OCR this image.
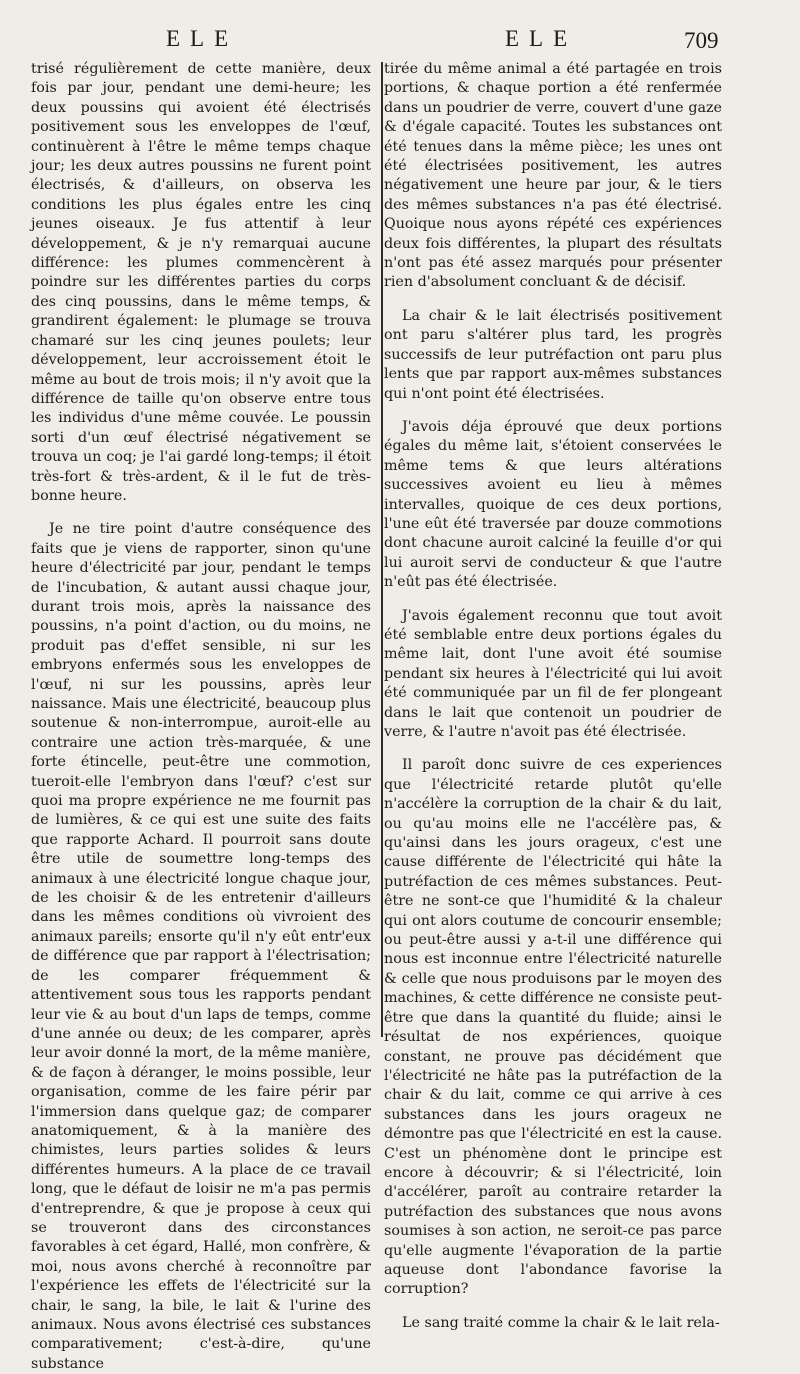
ELE	ELE	709

trisé régulièrement de cette manière, deux fois par jour, pendant une demi-heure; les deux poussins qui avoient été électrisés positivement sous les enveloppes de l'œuf, continuèrent à l'être le même temps chaque jour; les deux autres poussins ne furent point électrisés, & d'ailleurs, on observa les conditions les plus égales entre les cinq jeunes oiseaux. Je fus attentif à leur développement, & je n'y remarquai aucune différence: les plumes commencèrent à poindre sur les différentes parties du corps des cinq poussins, dans le même temps, & grandirent également: le plumage se trouva chamaré sur les cinq jeunes poulets; leur développement, leur accroissement étoit le même au bout de trois mois; il n'y avoit que la différence de taille qu'on observe entre tous les individus d'une même couvée. Le poussin sorti d'un œuf électrisé négativement se trouva un coq; je l'ai gardé long-temps; il étoit très-fort & très-ardent, & il le fut de très-bonne heure.

Je ne tire point d'autre conséquence des faits que je viens de rapporter, sinon qu'une heure d'électricité par jour, pendant le temps de l'incubation, & autant aussi chaque jour, durant trois mois, après la naissance des poussins, n'a point d'action, ou du moins, ne produit pas d'effet sensible, ni sur les embryons enfermés sous les enveloppes de l'œuf, ni sur les poussins, après leur naissance. Mais une électricité, beaucoup plus soutenue & non-interrompue, auroit-elle au contraire une action très-marquée, & une forte étincelle, peut-être une commotion, tueroit-elle l'embryon dans l'œuf? c'est sur quoi ma propre expérience ne me fournit pas de lumières, & ce qui est une suite des faits que rapporte Achard. Il pourroit sans doute être utile de soumettre long-temps des animaux à une électricité longue chaque jour, de les choisir & de les entretenir d'ailleurs dans les mêmes conditions où vivroient des animaux pareils; ensorte qu'il n'y eût entr'eux de différence que par rapport à l'électrisation; de les comparer fréquemment & attentivement sous tous les rapports pendant leur vie & au bout d'un laps de temps, comme d'une année ou deux; de les comparer, après leur avoir donné la mort, de la même manière, & de façon à déranger, le moins possible, leur organisation, comme de les faire périr par l'immersion dans quelque gaz; de comparer anatomiquement, & à la manière des chimistes, leurs parties solides & leurs différentes humeurs. A la place de ce travail long, que le défaut de loisir ne m'a pas permis d'entreprendre, & que je propose à ceux qui se trouveront dans des circonstances favorables à cet égard, Hallé, mon confrère, & moi, nous avons cherché à reconnoître par l'expérience les effets de l'électricité sur la chair, le sang, la bile, le lait & l'urine des animaux. Nous avons électrisé ces substances comparativement; c'est-à-dire, qu'une substance

tirée du même animal a été partagée en trois portions, & chaque portion a été renfermée dans un poudrier de verre, couvert d'une gaze & d'égale capacité. Toutes les substances ont été tenues dans la même pièce; les unes ont été électrisées positivement, les autres négativement une heure par jour, & le tiers des mêmes substances n'a pas été électrisé. Quoique nous ayons répété ces expériences deux fois différentes, la plupart des résultats n'ont pas été assez marqués pour présenter rien d'absolument concluant & de décisif.

La chair & le lait électrisés positivement ont paru s'altérer plus tard, les progrès successifs de leur putréfaction ont paru plus lents que par rapport aux-mêmes substances qui n'ont point été électrisées.

J'avois déja éprouvé que deux portions égales du même lait, s'étoient conservées le même tems & que leurs altérations successives avoient eu lieu à mêmes intervalles, quoique de ces deux portions, l'une eût été traversée par douze commotions dont chacune auroit calciné la feuille d'or qui lui auroit servi de conducteur & que l'autre n'eût pas été électrisée.

J'avois également reconnu que tout avoit été semblable entre deux portions égales du même lait, dont l'une avoit été soumise pendant six heures à l'électricité qui lui avoit été communiquée par un fil de fer plongeant dans le lait que contenoit un poudrier de verre, & l'autre n'avoit pas été électrisée.

Il paroît donc suivre de ces experiences que l'électricité retarde plutôt qu'elle n'accélère la corruption de la chair & du lait, ou qu'au moins elle ne l'accélère pas, & qu'ainsi dans les jours orageux, c'est une cause différente de l'électricité qui hâte la putréfaction de ces mêmes substances. Peut-être ne sont-ce que l'humidité & la chaleur qui ont alors coutume de concourir ensemble; ou peut-être aussi y a-t-il une différence qui nous est inconnue entre l'électricité naturelle & celle que nous produisons par le moyen des machines, & cette différence ne consiste peut-être que dans la quantité du fluide; ainsi le résultat de nos expériences, quoique constant, ne prouve pas décidément que l'électricité ne hâte pas la putréfaction de la chair & du lait, comme ce qui arrive à ces substances dans les jours orageux ne démontre pas que l'électricité en est la cause. C'est un phénomène dont le principe est encore à découvrir; & si l'électricité, loin d'accélérer, paroît au contraire retarder la putréfaction des substances que nous avons soumises à son action, ne seroit-ce pas parce qu'elle augmente l'évaporation de la partie aqueuse dont l'abondance favorise la corruption?

Le sang traité comme la chair & le lait rela-
